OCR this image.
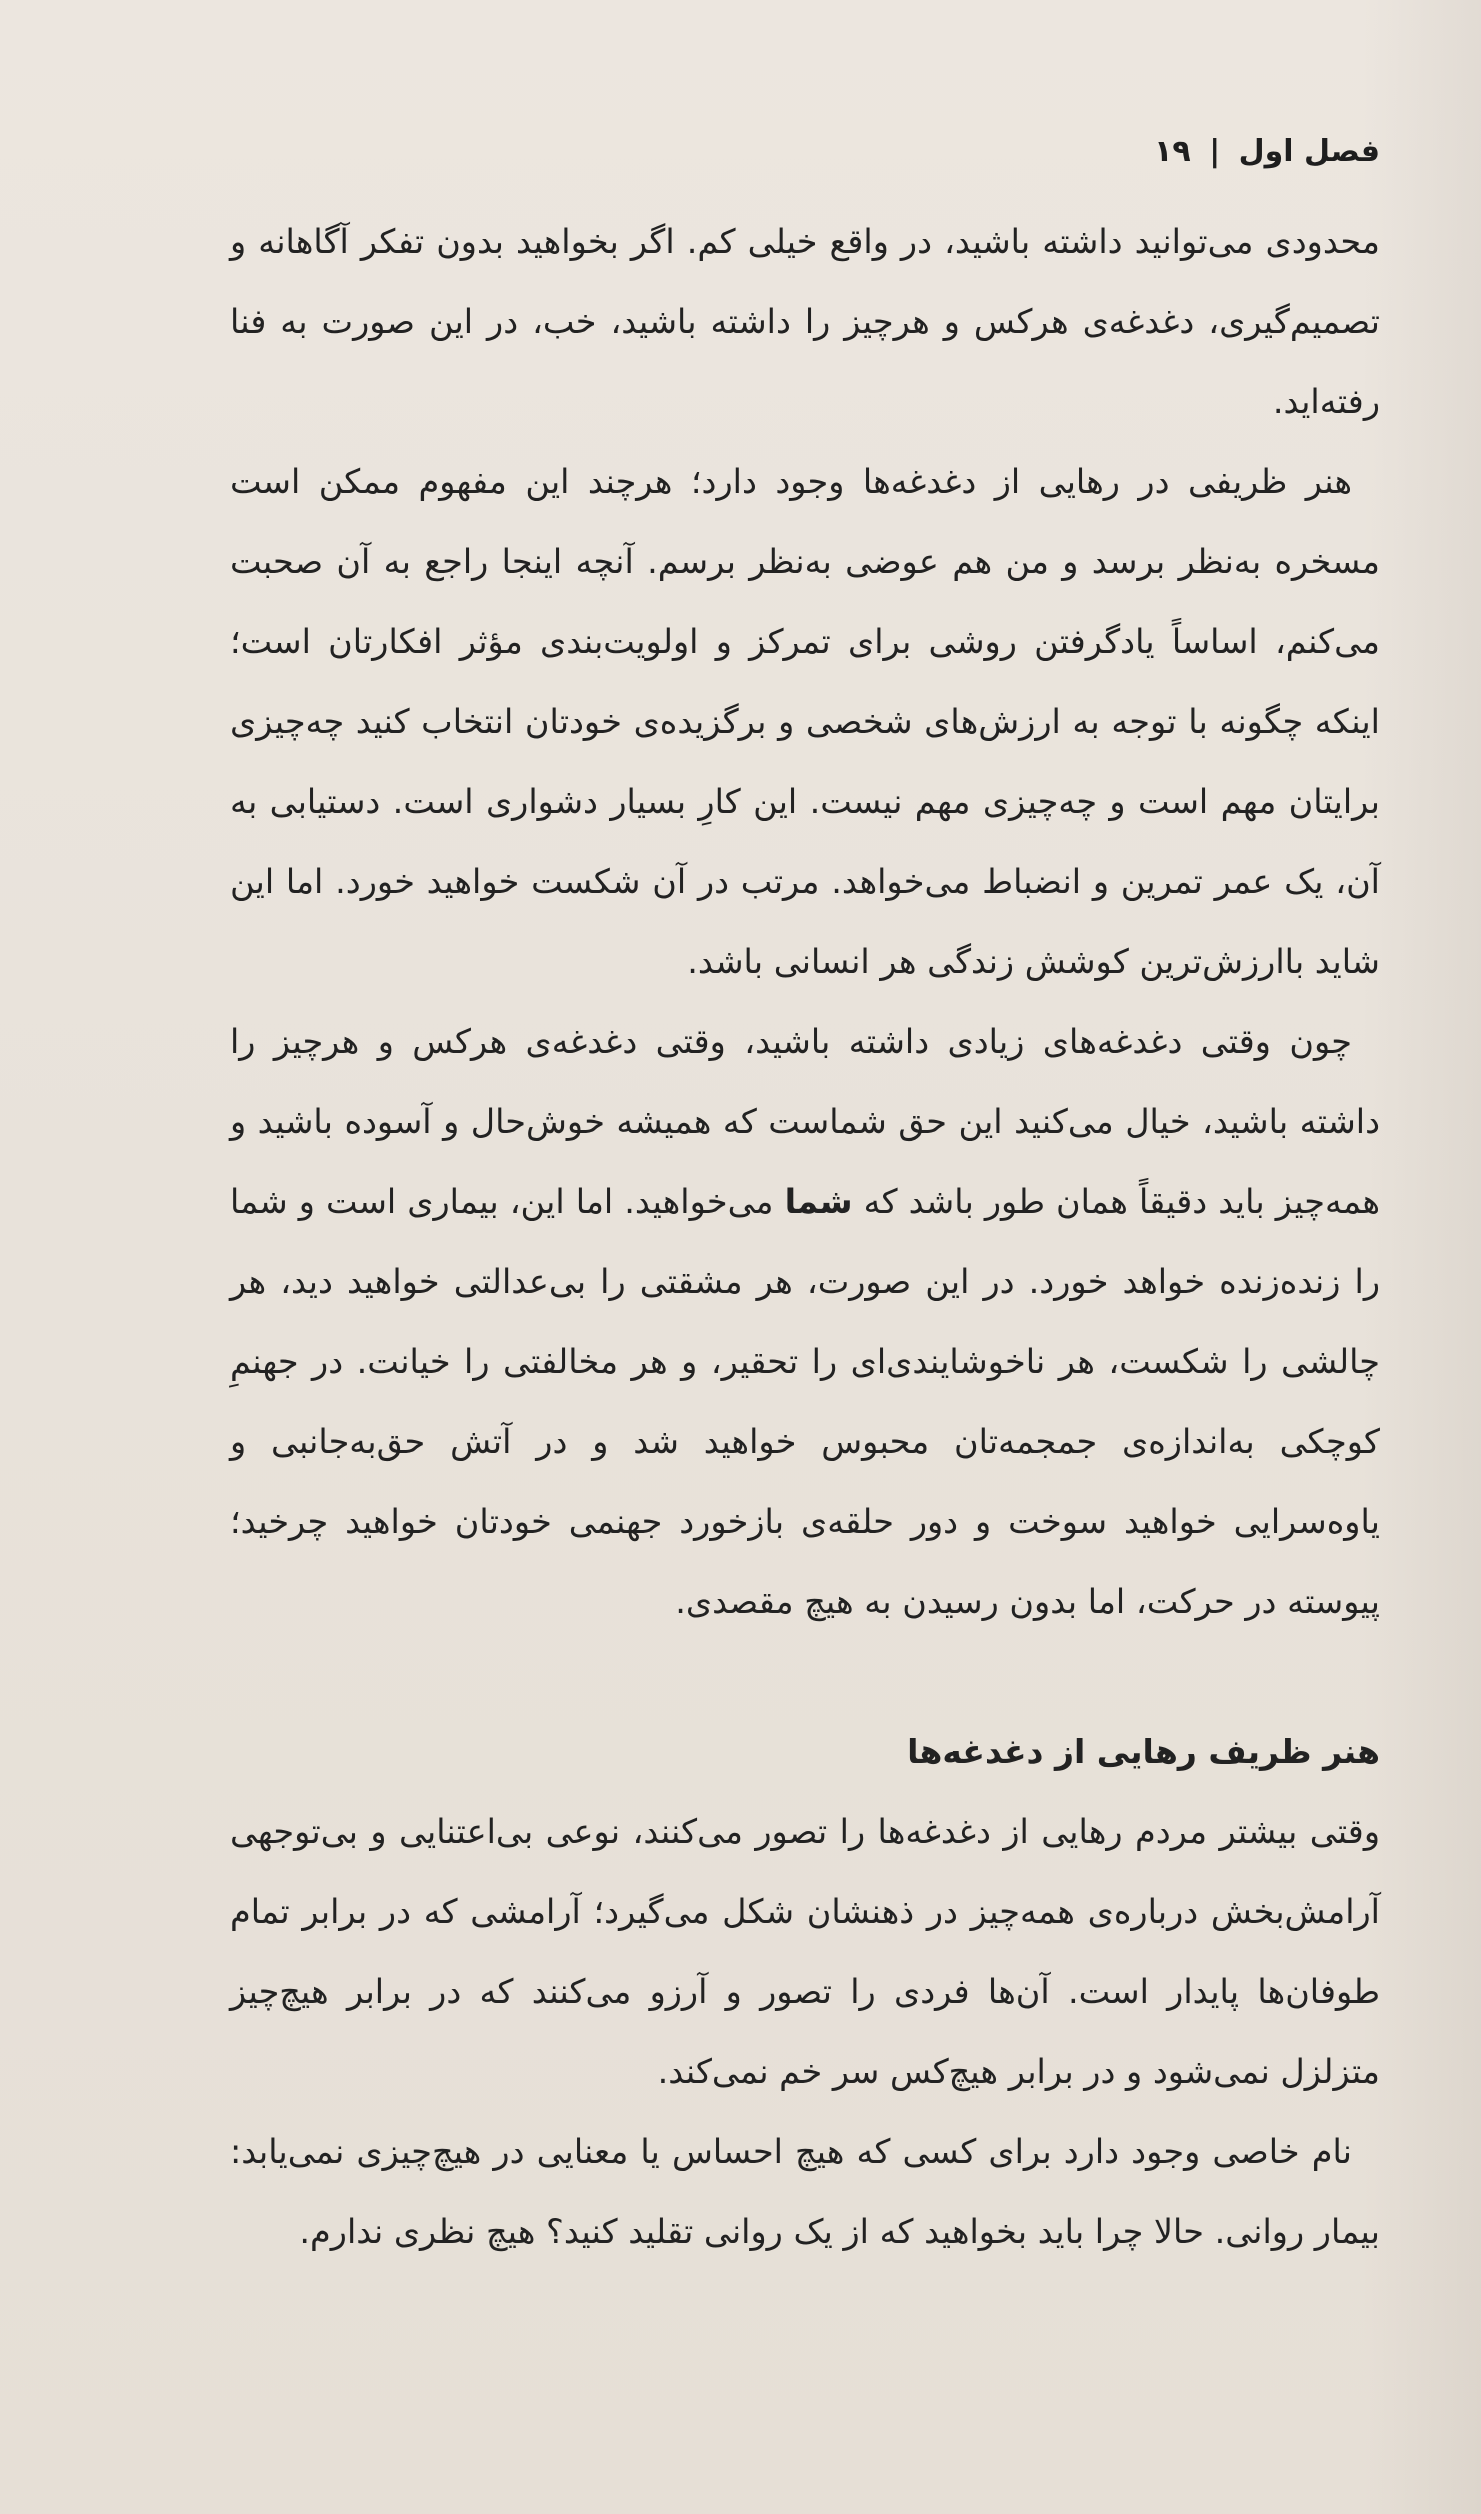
فصل اول | ۱۹

محدودی می‌توانید داشته باشید، در واقع خیلی کم. اگر بخواهید بدون تفکر آگاهانه و تصمیم‌گیری، دغدغه‌ی هرکس و هرچیز را داشته باشید، خب، در این صورت به فنا رفته‌اید.

هنر ظریفی در رهایی از دغدغه‌ها وجود دارد؛ هرچند این مفهوم ممکن است مسخره به‌نظر برسد و من هم عوضی به‌نظر برسم. آنچه اینجا راجع به آن صحبت می‌کنم، اساساً یادگرفتن روشی برای تمرکز و اولویت‌بندی مؤثر افکارتان است؛ اینکه چگونه با توجه به ارزش‌های شخصی و برگزیده‌ی خودتان انتخاب کنید چه‌چیزی برایتان مهم است و چه‌چیزی مهم نیست. این کارِ بسیار دشواری است. دستیابی به آن، یک عمر تمرین و انضباط می‌خواهد. مرتب در آن شکست خواهید خورد. اما این شاید باارزش‌ترین کوشش زندگی هر انسانی باشد.

چون وقتی دغدغه‌های زیادی داشته باشید، وقتی دغدغه‌ی هرکس و هرچیز را داشته باشید، خیال می‌کنید این حق شماست که همیشه خوش‌حال و آسوده باشید و همه‌چیز باید دقیقاً همان طور باشد که شما می‌خواهید. اما این، بیماری است و شما را زنده‌زنده خواهد خورد. در این صورت، هر مشقتی را بی‌عدالتی خواهید دید، هر چالشی را شکست، هر ناخوشایندی‌ای را تحقیر، و هر مخالفتی را خیانت. در جهنمِ کوچکی به‌اندازه‌ی جمجمه‌تان محبوس خواهید شد و در آتش حق‌به‌جانبی و یاوه‌سرایی خواهید سوخت و دور حلقه‌ی بازخورد جهنمی خودتان خواهید چرخید؛ پیوسته در حرکت، اما بدون رسیدن به هیچ مقصدی.

هنر ظریف رهایی از دغدغه‌ها

وقتی بیشتر مردم رهایی از دغدغه‌ها را تصور می‌کنند، نوعی بی‌اعتنایی و بی‌توجهی آرامش‌بخش درباره‌ی همه‌چیز در ذهنشان شکل می‌گیرد؛ آرامشی که در برابر تمام طوفان‌ها پایدار است. آن‌ها فردی را تصور و آرزو می‌کنند که در برابر هیچ‌چیز متزلزل نمی‌شود و در برابر هیچ‌کس سر خم نمی‌کند.

نام خاصی وجود دارد برای کسی که هیچ احساس یا معنایی در هیچ‌چیزی نمی‌یابد: بیمار روانی. حالا چرا باید بخواهید که از یک روانی تقلید کنید؟ هیچ نظری ندارم.
